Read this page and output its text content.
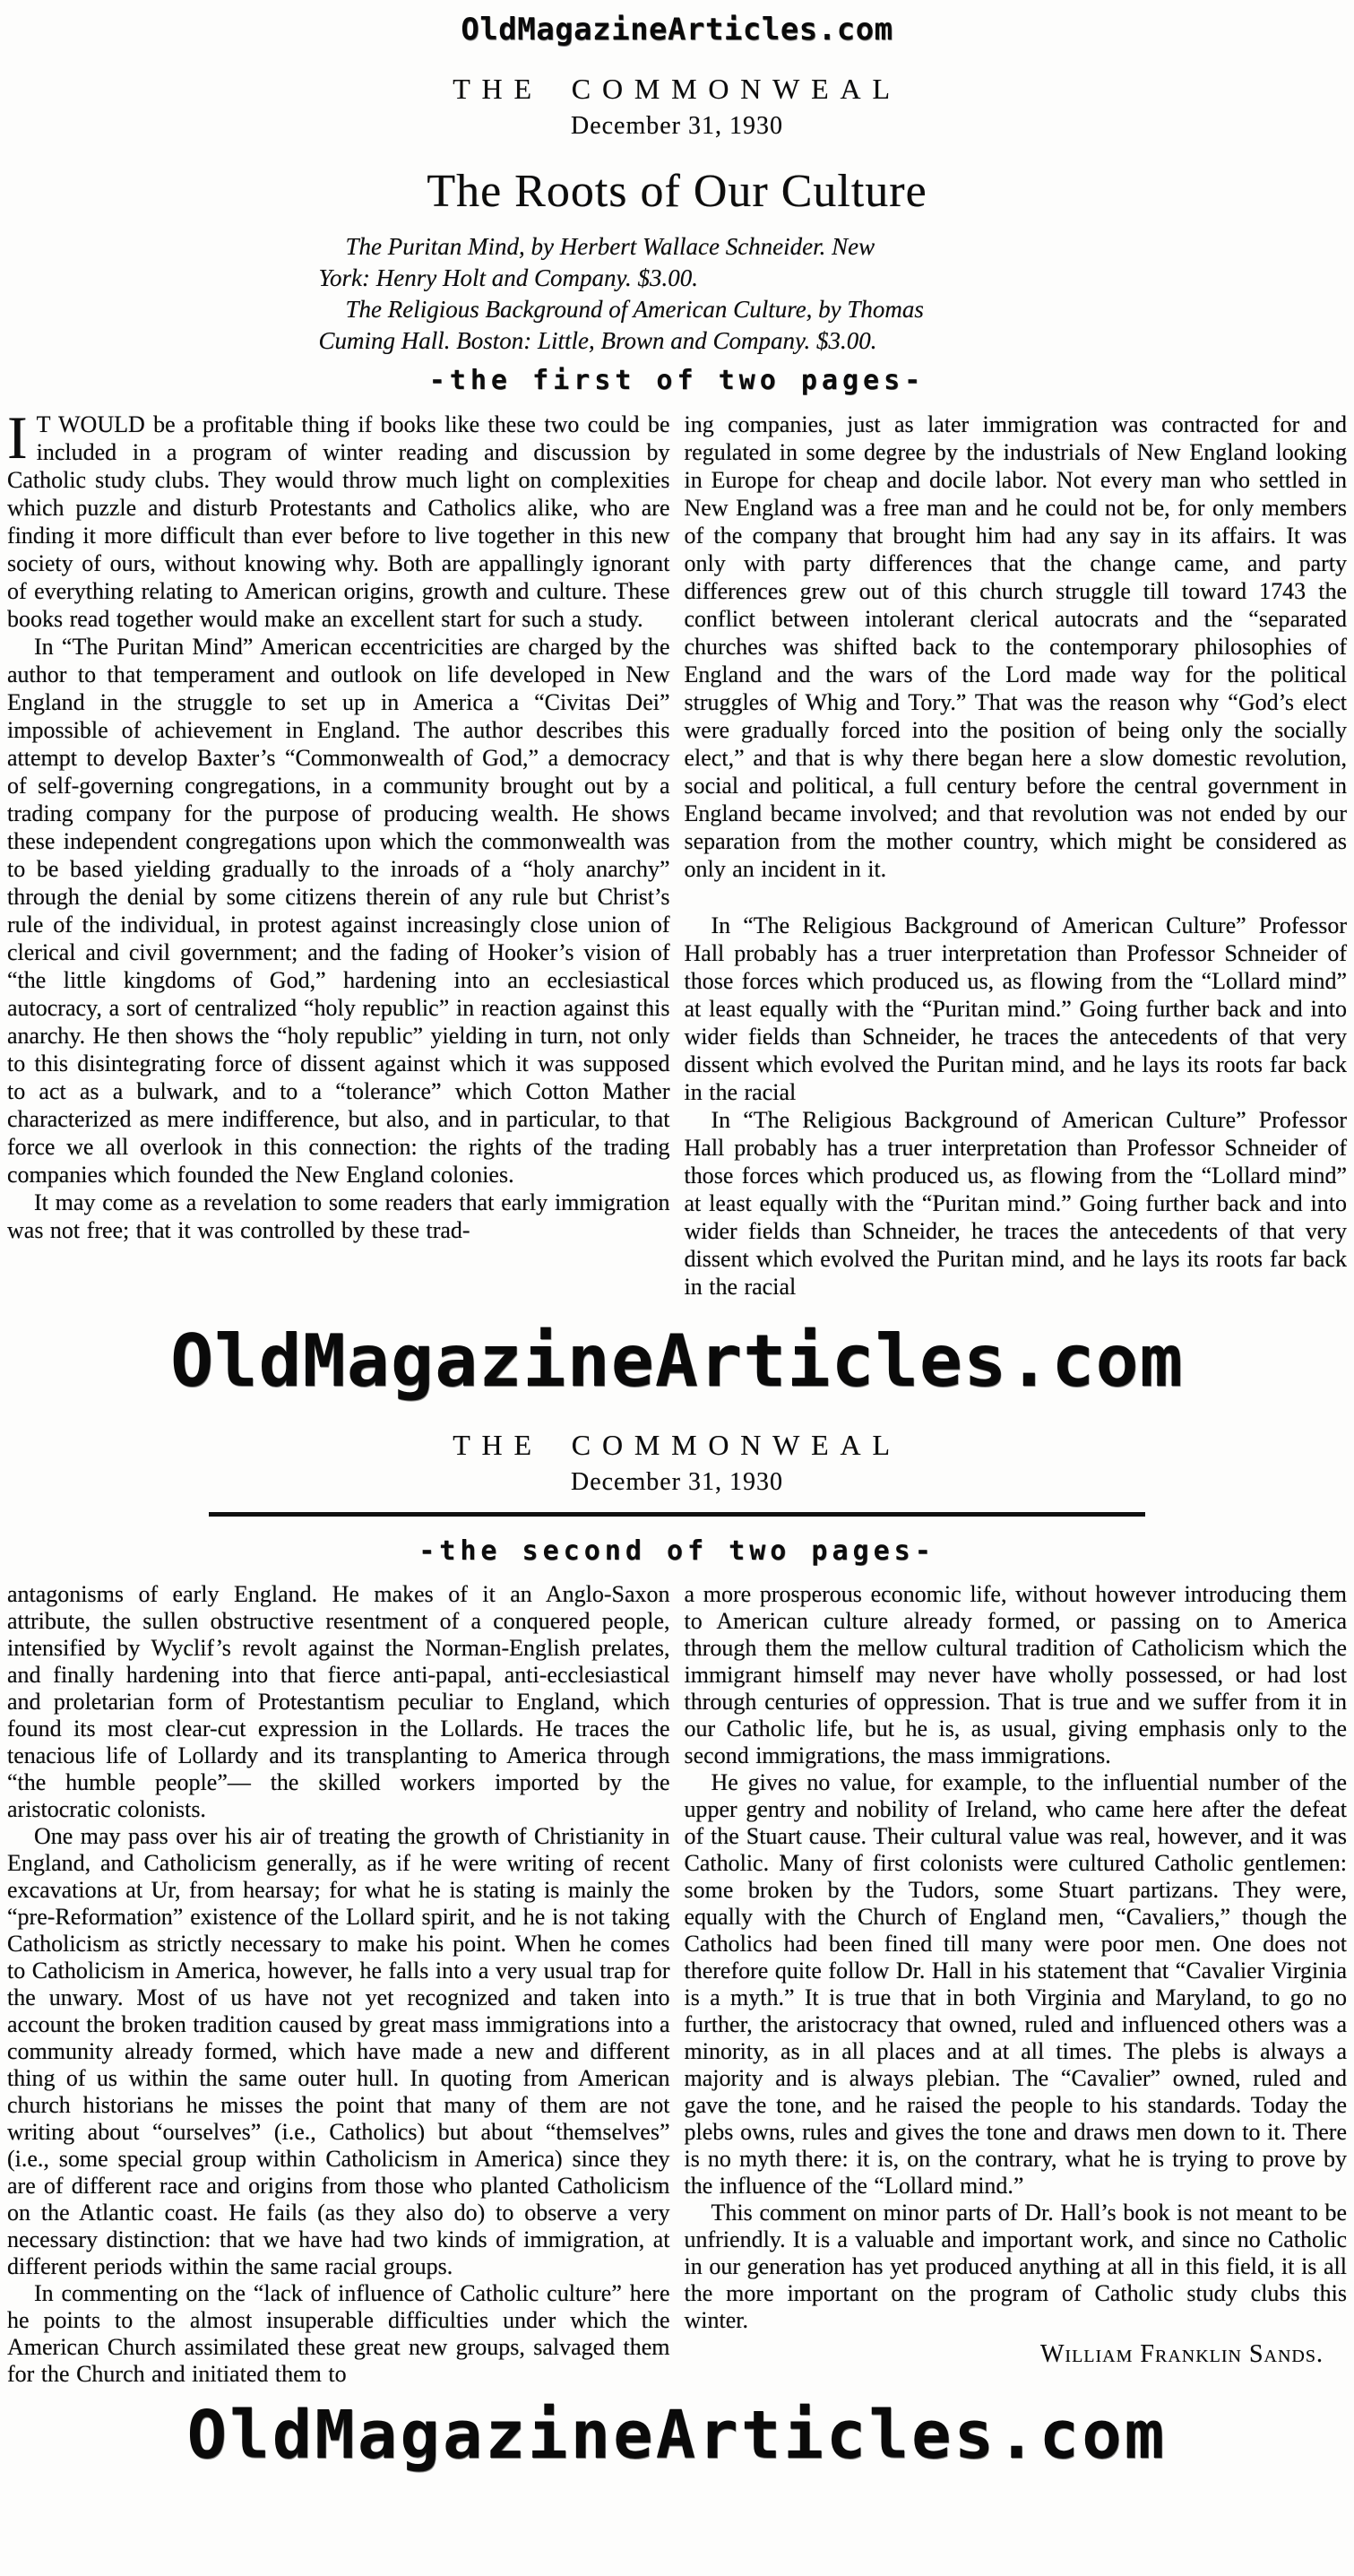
OldMagazineArticles.com
THE COMMONWEAL
December 31, 1930
The Roots of Our Culture
The Puritan Mind, by Herbert Wallace Schneider. New
York: Henry Holt and Company. $3.00.
The Religious Background of American Culture, by Thomas
Cuming Hall. Boston: Little, Brown and Company. $3.00.
-the first of two pages-

IT WOULD be a profitable thing if books like these two could be included in a program of winter reading and discussion by Catholic study clubs. They would throw much light on complexities which puzzle and disturb Protestants and Catholics alike, who are finding it more difficult than ever before to live together in this new society of ours, without knowing why. Both are appallingly ignorant of everything relating to American origins, growth and culture. These books read together would make an excellent start for such a study.

In “The Puritan Mind” American eccentricities are charged by the author to that temperament and outlook on life developed in New England in the struggle to set up in America a “Civitas Dei” impossible of achievement in England. The author describes this attempt to develop Baxter’s “Commonwealth of God,” a democracy of self-governing congregations, in a community brought out by a trading company for the purpose of producing wealth. He shows these independent congregations upon which the commonwealth was to be based yielding gradually to the inroads of a “holy anarchy” through the denial by some citizens therein of any rule but Christ’s rule of the individual, in protest against increasingly close union of clerical and civil government; and the fading of Hooker’s vision of “the little kingdoms of God,” hardening into an ecclesiastical autocracy, a sort of centralized “holy republic” in reaction against this anarchy. He then shows the “holy republic” yielding in turn, not only to this disintegrating force of dissent against which it was supposed to act as a bulwark, and to a “tolerance” which Cotton Mather characterized as mere indifference, but also, and in particular, to that force we all overlook in this connection: the rights of the trading companies which founded the New England colonies.

It may come as a revelation to some readers that early immigration was not free; that it was controlled by these trad-

ing companies, just as later immigration was contracted for and regulated in some degree by the industrials of New England looking in Europe for cheap and docile labor. Not every man who settled in New England was a free man and he could not be, for only members of the company that brought him had any say in its affairs. It was only with party differences that the change came, and party differences grew out of this church struggle till toward 1743 the conflict between intolerant clerical autocrats and the “separated churches was shifted back to the contemporary philosophies of England and the wars of the Lord made way for the political struggles of Whig and Tory.” That was the reason why “God’s elect were gradually forced into the position of being only the socially elect,” and that is why there began here a slow domestic revolution, social and political, a full century before the central government in England became involved; and that revolution was not ended by our separation from the mother country, which might be considered as only an incident in it.

In “The Religious Background of American Culture” Professor Hall probably has a truer interpretation than Professor Schneider of those forces which produced us, as flowing from the “Lollard mind” at least equally with the “Puritan mind.” Going further back and into wider fields than Schneider, he traces the antecedents of that very dissent which evolved the Puritan mind, and he lays its roots far back in the racial

In “The Religious Background of American Culture” Professor Hall probably has a truer interpretation than Professor Schneider of those forces which produced us, as flowing from the “Lollard mind” at least equally with the “Puritan mind.” Going further back and into wider fields than Schneider, he traces the antecedents of that very dissent which evolved the Puritan mind, and he lays its roots far back in the racial

OldMagazineArticles.com
THE COMMONWEAL
December 31, 1930
-the second of two pages-

antagonisms of early England. He makes of it an Anglo-Saxon attribute, the sullen obstructive resentment of a conquered people, intensified by Wyclif’s revolt against the Norman-English prelates, and finally hardening into that fierce anti-papal, anti-ecclesiastical and proletarian form of Protestantism peculiar to England, which found its most clear-cut expression in the Lollards. He traces the tenacious life of Lollardy and its transplanting to America through “the humble people”— the skilled workers imported by the aristocratic colonists.

One may pass over his air of treating the growth of Christianity in England, and Catholicism generally, as if he were writing of recent excavations at Ur, from hearsay; for what he is stating is mainly the “pre-Reformation” existence of the Lollard spirit, and he is not taking Catholicism as strictly necessary to make his point. When he comes to Catholicism in America, however, he falls into a very usual trap for the unwary. Most of us have not yet recognized and taken into account the broken tradition caused by great mass immigrations into a community already formed, which have made a new and different thing of us within the same outer hull. In quoting from American church historians he misses the point that many of them are not writing about “ourselves” (i.e., Catholics) but about “themselves” (i.e., some special group within Catholicism in America) since they are of different race and origins from those who planted Catholicism on the Atlantic coast. He fails (as they also do) to observe a very necessary distinction: that we have had two kinds of immigration, at different periods within the same racial groups.

In commenting on the “lack of influence of Catholic culture” here he points to the almost insuperable difficulties under which the American Church assimilated these great new groups, salvaged them for the Church and initiated them to

a more prosperous economic life, without however introducing them to American culture already formed, or passing on to America through them the mellow cultural tradition of Catholicism which the immigrant himself may never have wholly possessed, or had lost through centuries of oppression. That is true and we suffer from it in our Catholic life, but he is, as usual, giving emphasis only to the second immigrations, the mass immigrations.

He gives no value, for example, to the influential number of the upper gentry and nobility of Ireland, who came here after the defeat of the Stuart cause. Their cultural value was real, however, and it was Catholic. Many of first colonists were cultured Catholic gentlemen: some broken by the Tudors, some Stuart partizans. They were, equally with the Church of England men, “Cavaliers,” though the Catholics had been fined till many were poor men. One does not therefore quite follow Dr. Hall in his statement that “Cavalier Virginia is a myth.” It is true that in both Virginia and Maryland, to go no further, the aristocracy that owned, ruled and influenced others was a minority, as in all places and at all times. The plebs is always a majority and is always plebian. The “Cavalier” owned, ruled and gave the tone, and he raised the people to his standards. Today the plebs owns, rules and gives the tone and draws men down to it. There is no myth there: it is, on the contrary, what he is trying to prove by the influence of the “Lollard mind.”

This comment on minor parts of Dr. Hall’s book is not meant to be unfriendly. It is a valuable and important work, and since no Catholic in our generation has yet produced anything at all in this field, it is all the more important on the program of Catholic study clubs this winter.

William Franklin Sands.
OldMagazineArticles.com
